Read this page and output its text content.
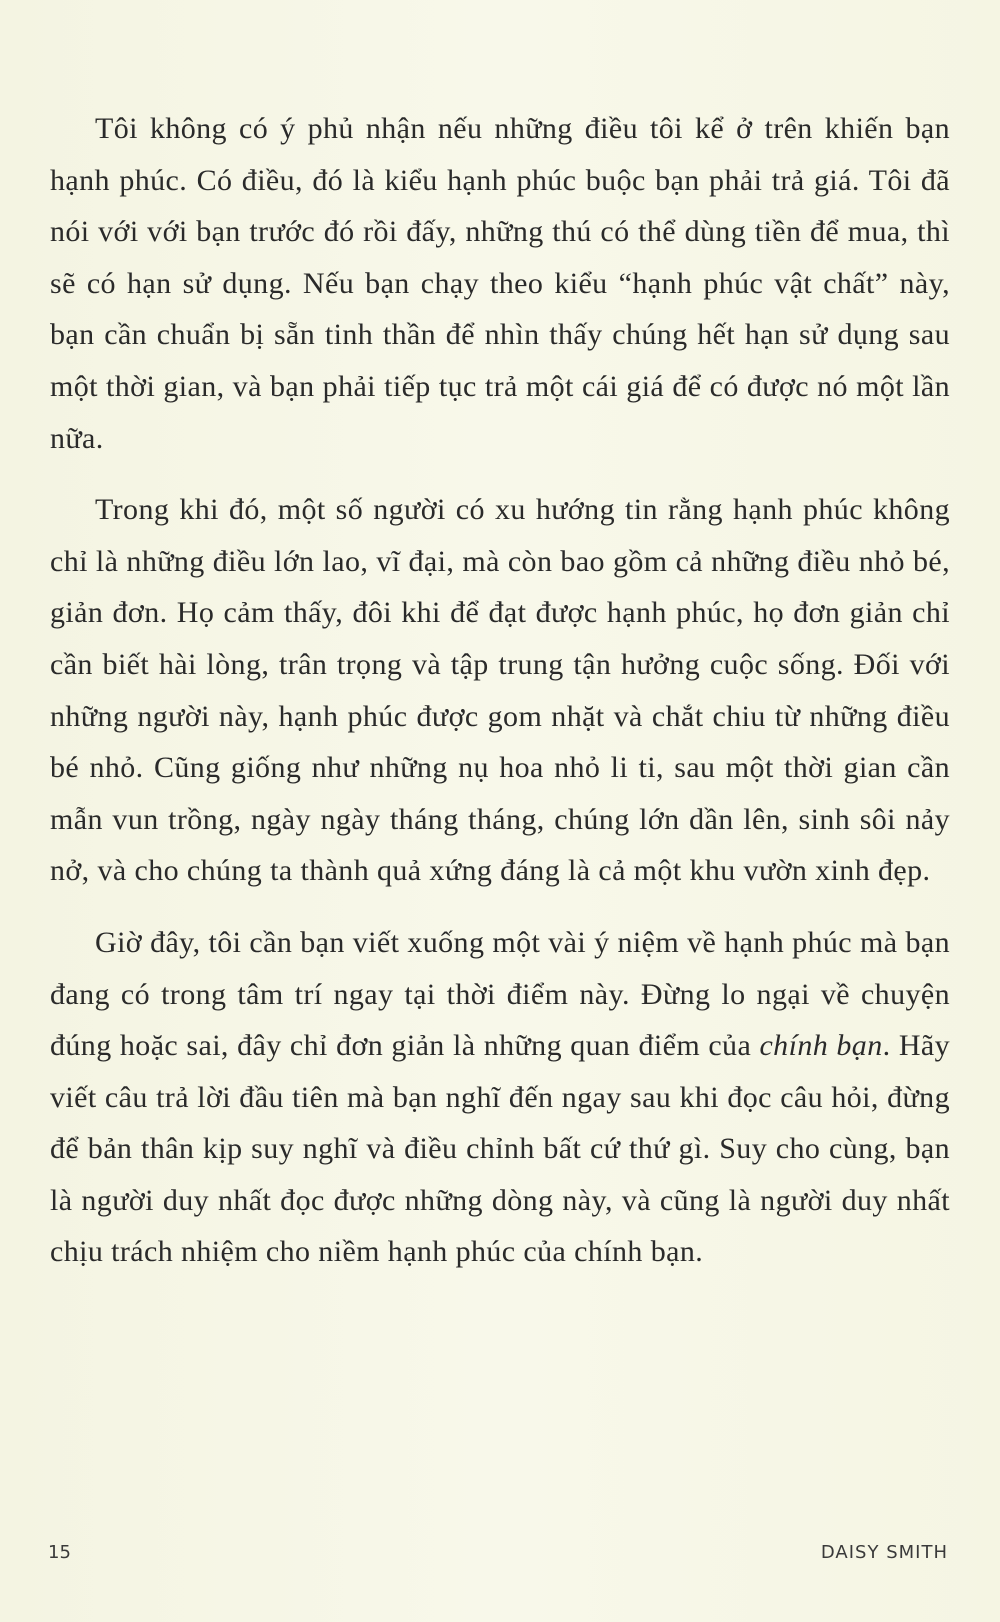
Tôi không có ý phủ nhận nếu những điều tôi kể ở trên khiến bạn hạnh phúc. Có điều, đó là kiểu hạnh phúc buộc bạn phải trả giá. Tôi đã nói với với bạn trước đó rồi đấy, những thú có thể dùng tiền để mua, thì sẽ có hạn sử dụng. Nếu bạn chạy theo kiểu “hạnh phúc vật chất” này, bạn cần chuẩn bị sẵn tinh thần để nhìn thấy chúng hết hạn sử dụng sau một thời gian, và bạn phải tiếp tục trả một cái giá để có được nó một lần nữa.

Trong khi đó, một số người có xu hướng tin rằng hạnh phúc không chỉ là những điều lớn lao, vĩ đại, mà còn bao gồm cả những điều nhỏ bé, giản đơn. Họ cảm thấy, đôi khi để đạt được hạnh phúc, họ đơn giản chỉ cần biết hài lòng, trân trọng và tập trung tận hưởng cuộc sống. Đối với những người này, hạnh phúc được gom nhặt và chắt chiu từ những điều bé nhỏ. Cũng giống như những nụ hoa nhỏ li ti, sau một thời gian cần mẫn vun trồng, ngày ngày tháng tháng, chúng lớn dần lên, sinh sôi nảy nở, và cho chúng ta thành quả xứng đáng là cả một khu vườn xinh đẹp.

Giờ đây, tôi cần bạn viết xuống một vài ý niệm về hạnh phúc mà bạn đang có trong tâm trí ngay tại thời điểm này. Đừng lo ngại về chuyện đúng hoặc sai, đây chỉ đơn giản là những quan điểm của chính bạn. Hãy viết câu trả lời đầu tiên mà bạn nghĩ đến ngay sau khi đọc câu hỏi, đừng để bản thân kịp suy nghĩ và điều chỉnh bất cứ thứ gì. Suy cho cùng, bạn là người duy nhất đọc được những dòng này, và cũng là người duy nhất chịu trách nhiệm cho niềm hạnh phúc của chính bạn.

15	DAISY SMITH
